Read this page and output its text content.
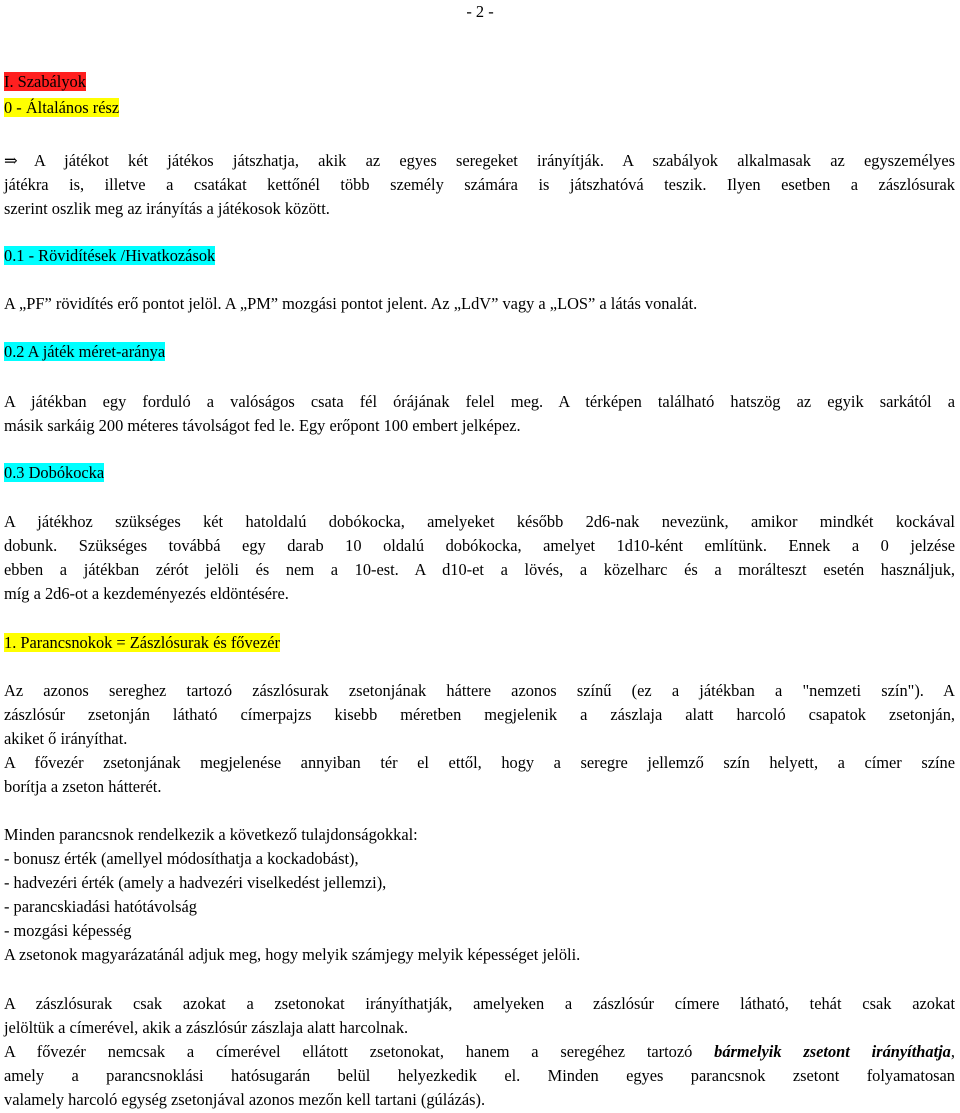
- 2 -
I. Szabályok
0 - Általános rész
⇒ A játékot két játékos játszhatja, akik az egyes seregeket irányítják. A szabályok alkalmasak az egyszemélyes
játékra is, illetve a csatákat kettőnél több személy számára is játszhatóvá teszik. Ilyen esetben a zászlósurak
szerint oszlik meg az irányítás a játékosok között.
0.1 - Rövidítések /Hivatkozások
A „PF” rövidítés erő pontot jelöl. A „PM” mozgási pontot jelent. Az „LdV” vagy a „LOS” a látás vonalát.
0.2 A játék méret-aránya
A játékban egy forduló a valóságos csata fél órájának felel meg. A térképen található hatszög az egyik sarkától a
másik sarkáig 200 méteres távolságot fed le. Egy erőpont 100 embert jelképez.
0.3 Dobókocka
A játékhoz szükséges két hatoldalú dobókocka, amelyeket később 2d6-nak nevezünk, amikor mindkét kockával
dobunk. Szükséges továbbá egy darab 10 oldalú dobókocka, amelyet 1d10-ként említünk. Ennek a 0 jelzése
ebben a játékban zérót jelöli és nem a 10-est. A d10-et a lövés, a közelharc és a morálteszt esetén használjuk,
míg a 2d6-ot a kezdeményezés eldöntésére.
1. Parancsnokok = Zászlósurak és fővezér
Az azonos sereghez tartozó zászlósurak zsetonjának háttere azonos színű (ez a játékban a "nemzeti szín"). A
zászlósúr zsetonján látható címerpajzs kisebb méretben megjelenik a zászlaja alatt harcoló csapatok zsetonján,
akiket ő irányíthat.
A fővezér zsetonjának megjelenése annyiban tér el ettől, hogy a seregre jellemző szín helyett, a címer színe
borítja a zseton hátterét.
Minden parancsnok rendelkezik a következő tulajdonságokkal:
- bonusz érték (amellyel módosíthatja a kockadobást),
- hadvezéri érték (amely a hadvezéri viselkedést jellemzi),
- parancskiadási hatótávolság
- mozgási képesség
A zsetonok magyarázatánál adjuk meg, hogy melyik számjegy melyik képességet jelöli.
A zászlósurak csak azokat a zsetonokat irányíthatják, amelyeken a zászlósúr címere látható, tehát csak azokat
jelöltük a címerével, akik a zászlósúr zászlaja alatt harcolnak.
A fővezér nemcsak a címerével ellátott zsetonokat, hanem a seregéhez tartozó bármelyik zsetont irányíthatja,
amely a parancsnoklási hatósugarán belül helyezkedik el. Minden egyes parancsnok zsetont folyamatosan
valamely harcoló egység zsetonjával azonos mezőn kell tartani (gúlázás).
